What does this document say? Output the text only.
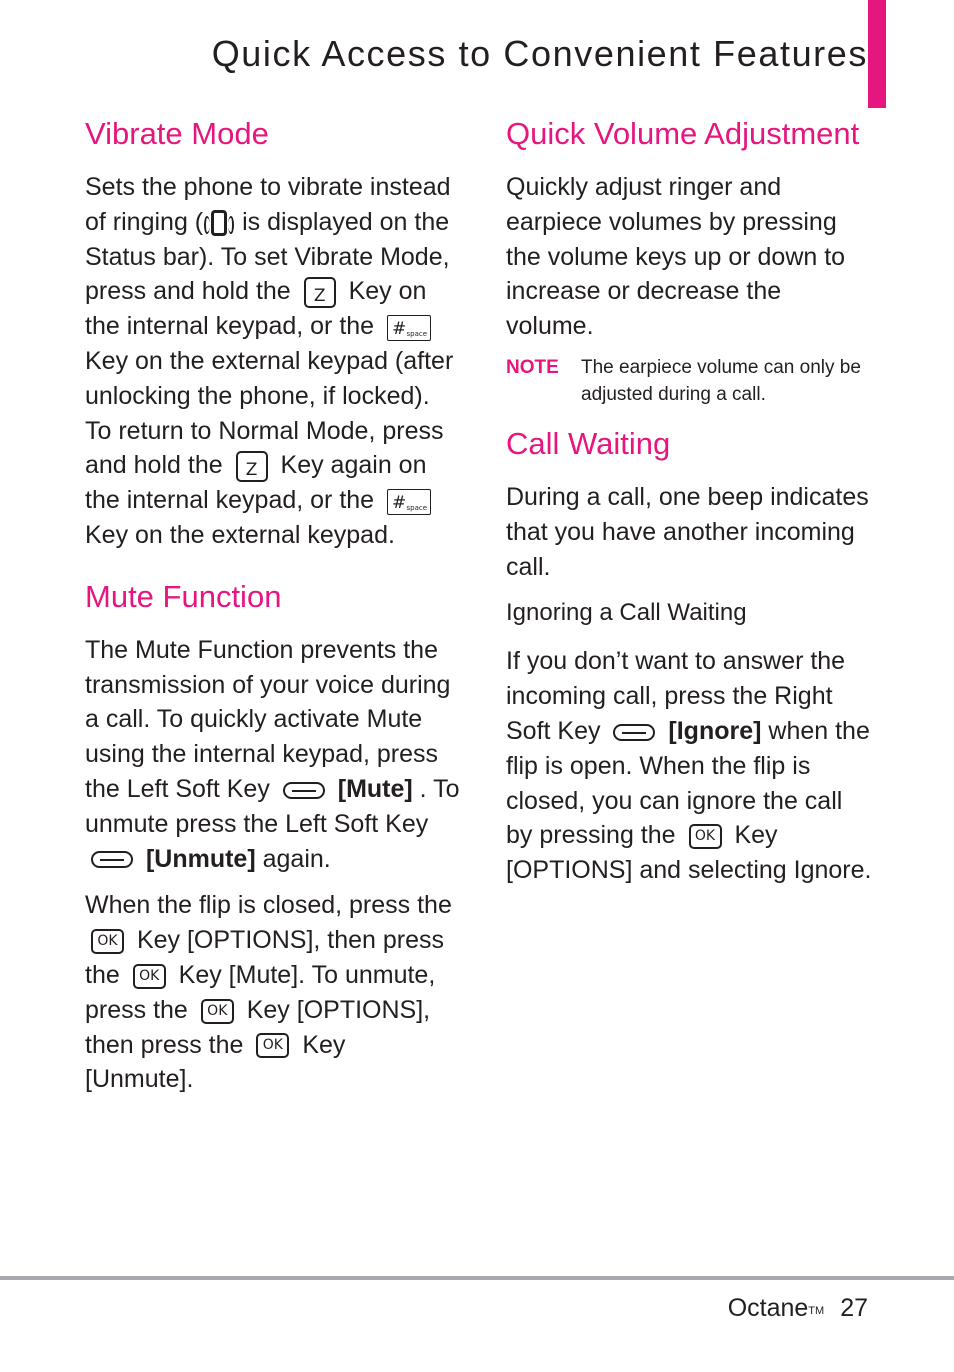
Quick Access to Convenient Features
Vibrate Mode

Sets the phone to vibrate instead of ringing ( is displayed on the Status bar). To set Vibrate Mode, press and hold the Z Key on the internal keypad, or the # space
Key on the external keypad (after unlocking the phone, if locked).

To return to Normal Mode, press and hold the Z Key again on the internal keypad, or the # space
Key on the external keypad.

Mute Function

The Mute Function prevents the transmission of your voice during a call. To quickly activate Mute using the internal keypad, press the Left Soft Key  [Mute] . To unmute press the Left Soft Key  [Unmute] again.

When the flip is closed, press the OK Key [OPTIONS], then press the OK Key [Mute]. To unmute, press the OK Key [OPTIONS], then press the OK Key [Unmute].

Quick Volume Adjustment

Quickly adjust ringer and earpiece volumes by pressing the volume keys up or down to increase or decrease the volume.

NOTE	The earpiece volume can only be adjusted during a call.
Call Waiting

During a call, one beep indicates that you have another incoming call.

Ignoring a Call Waiting

If you don’t want to answer the incoming call, press the Right Soft Key  [Ignore] when the flip is open. When the flip is closed, you can ignore the call by pressing the OK Key [OPTIONS] and selecting Ignore.

Octane™ 27
